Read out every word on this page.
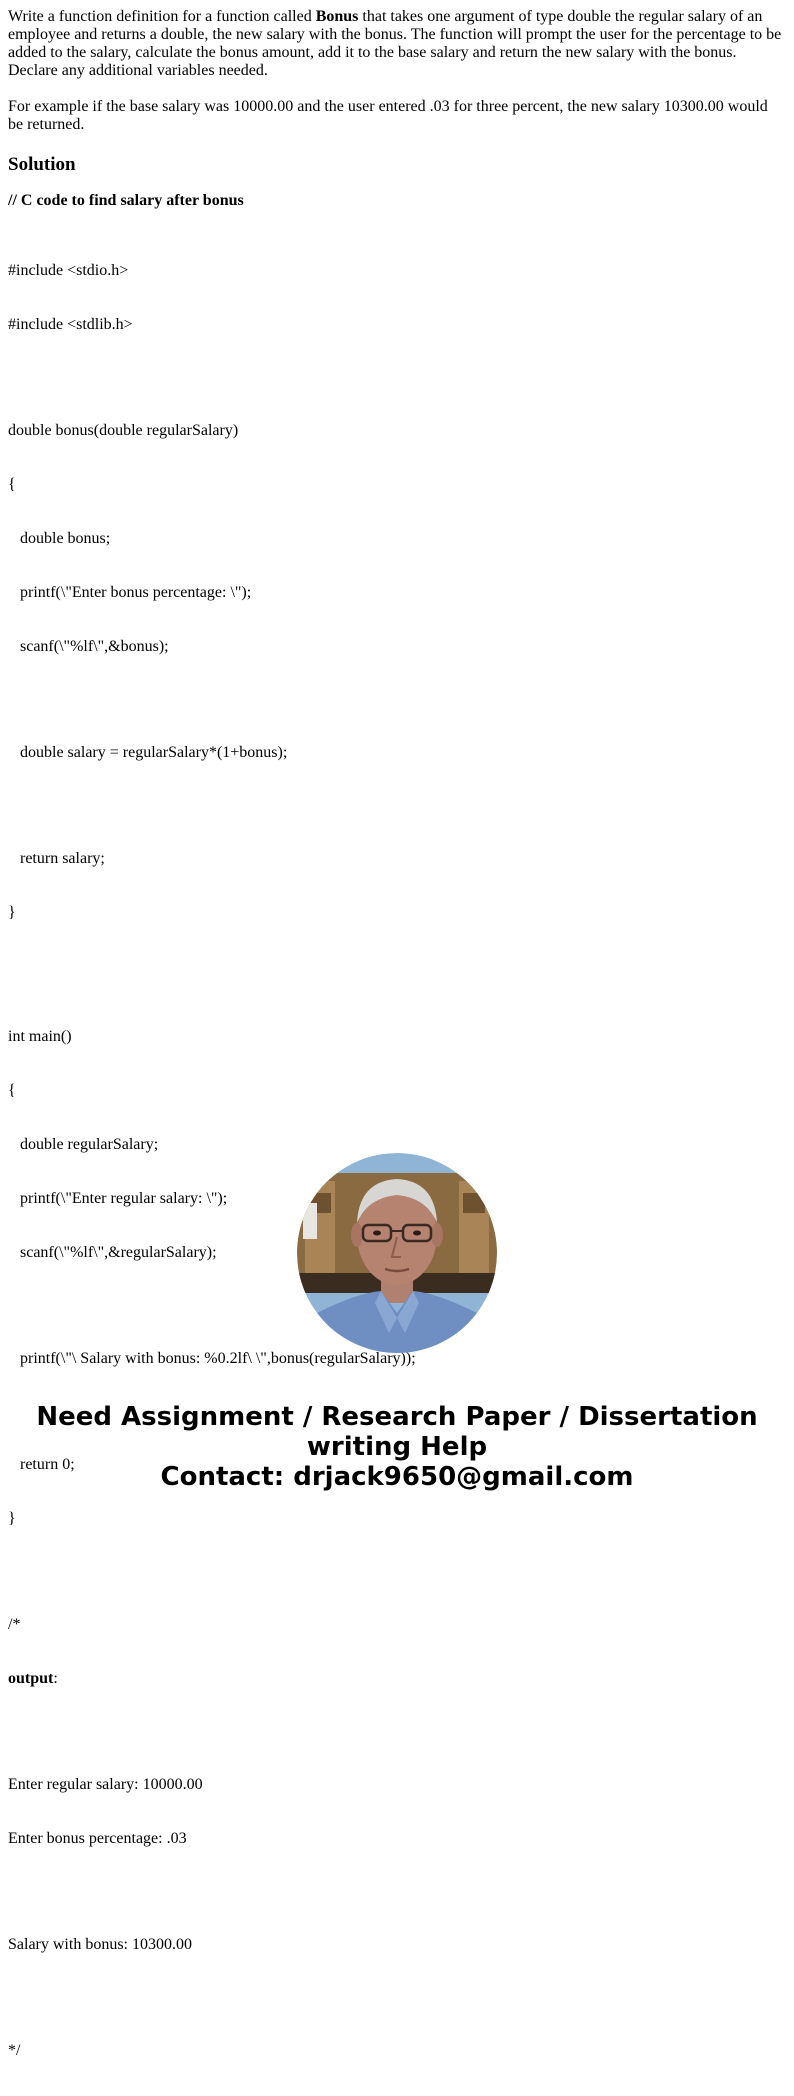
Write a function definition for a function called Bonus that takes one argument of type double the regular salary of an employee and returns a double, the new salary with the bonus. The function will prompt the user for the percentage to be added to the salary, calculate the bonus amount, add it to the base salary and return the new salary with the bonus. Declare any additional variables needed.

For example if the base salary was 10000.00 and the user entered .03 for three percent, the new salary 10300.00 would be returned.

Solution

// C code to find salary after bonus

#include <stdio.h>

#include <stdlib.h>

double bonus(double regularSalary)

{

double bonus;

printf(\"Enter bonus percentage: \");

scanf(\"%lf\",&bonus);

double salary = regularSalary*(1+bonus);

return salary;

}

int main()

{

double regularSalary;

printf(\"Enter regular salary: \");

scanf(\"%lf\",&regularSalary);

printf(\"\ Salary with bonus: %0.2lf\ \",bonus(regularSalary));

return 0;

}

/*

output:

Enter regular salary: 10000.00

Enter bonus percentage: .03

Salary with bonus: 10300.00

*/

Need Assignment / Research Paper / Dissertation
writing Help
Contact: drjack9650@gmail.com
